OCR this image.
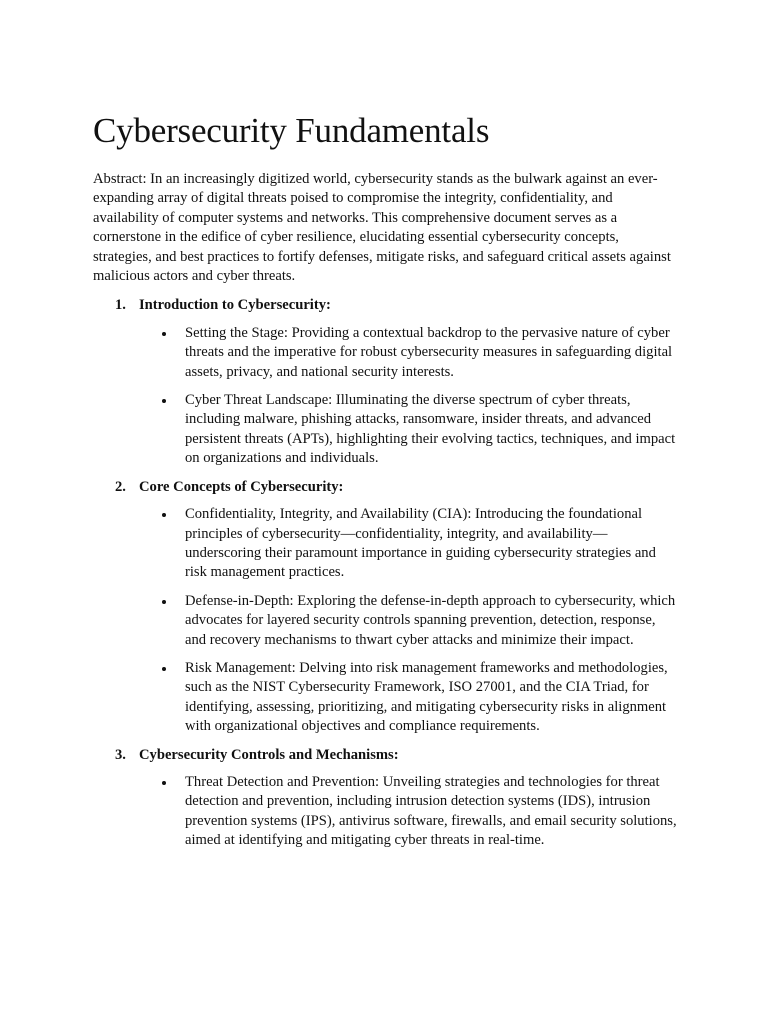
Cybersecurity Fundamentals

Abstract: In an increasingly digitized world, cybersecurity stands as the bulwark against an ever-expanding array of digital threats poised to compromise the integrity, confidentiality, and availability of computer systems and networks. This comprehensive document serves as a cornerstone in the edifice of cyber resilience, elucidating essential cybersecurity concepts, strategies, and best practices to fortify defenses, mitigate risks, and safeguard critical assets against malicious actors and cyber threats.

1. Introduction to Cybersecurity:
Setting the Stage: Providing a contextual backdrop to the pervasive nature of cyber threats and the imperative for robust cybersecurity measures in safeguarding digital assets, privacy, and national security interests.
Cyber Threat Landscape: Illuminating the diverse spectrum of cyber threats, including malware, phishing attacks, ransomware, insider threats, and advanced persistent threats (APTs), highlighting their evolving tactics, techniques, and impact on organizations and individuals.
2. Core Concepts of Cybersecurity:
Confidentiality, Integrity, and Availability (CIA): Introducing the foundational principles of cybersecurity—confidentiality, integrity, and availability—underscoring their paramount importance in guiding cybersecurity strategies and risk management practices.
Defense-in-Depth: Exploring the defense-in-depth approach to cybersecurity, which advocates for layered security controls spanning prevention, detection, response, and recovery mechanisms to thwart cyber attacks and minimize their impact.
Risk Management: Delving into risk management frameworks and methodologies, such as the NIST Cybersecurity Framework, ISO 27001, and the CIA Triad, for identifying, assessing, prioritizing, and mitigating cybersecurity risks in alignment with organizational objectives and compliance requirements.
3. Cybersecurity Controls and Mechanisms:
Threat Detection and Prevention: Unveiling strategies and technologies for threat detection and prevention, including intrusion detection systems (IDS), intrusion prevention systems (IPS), antivirus software, firewalls, and email security solutions, aimed at identifying and mitigating cyber threats in real-time.
